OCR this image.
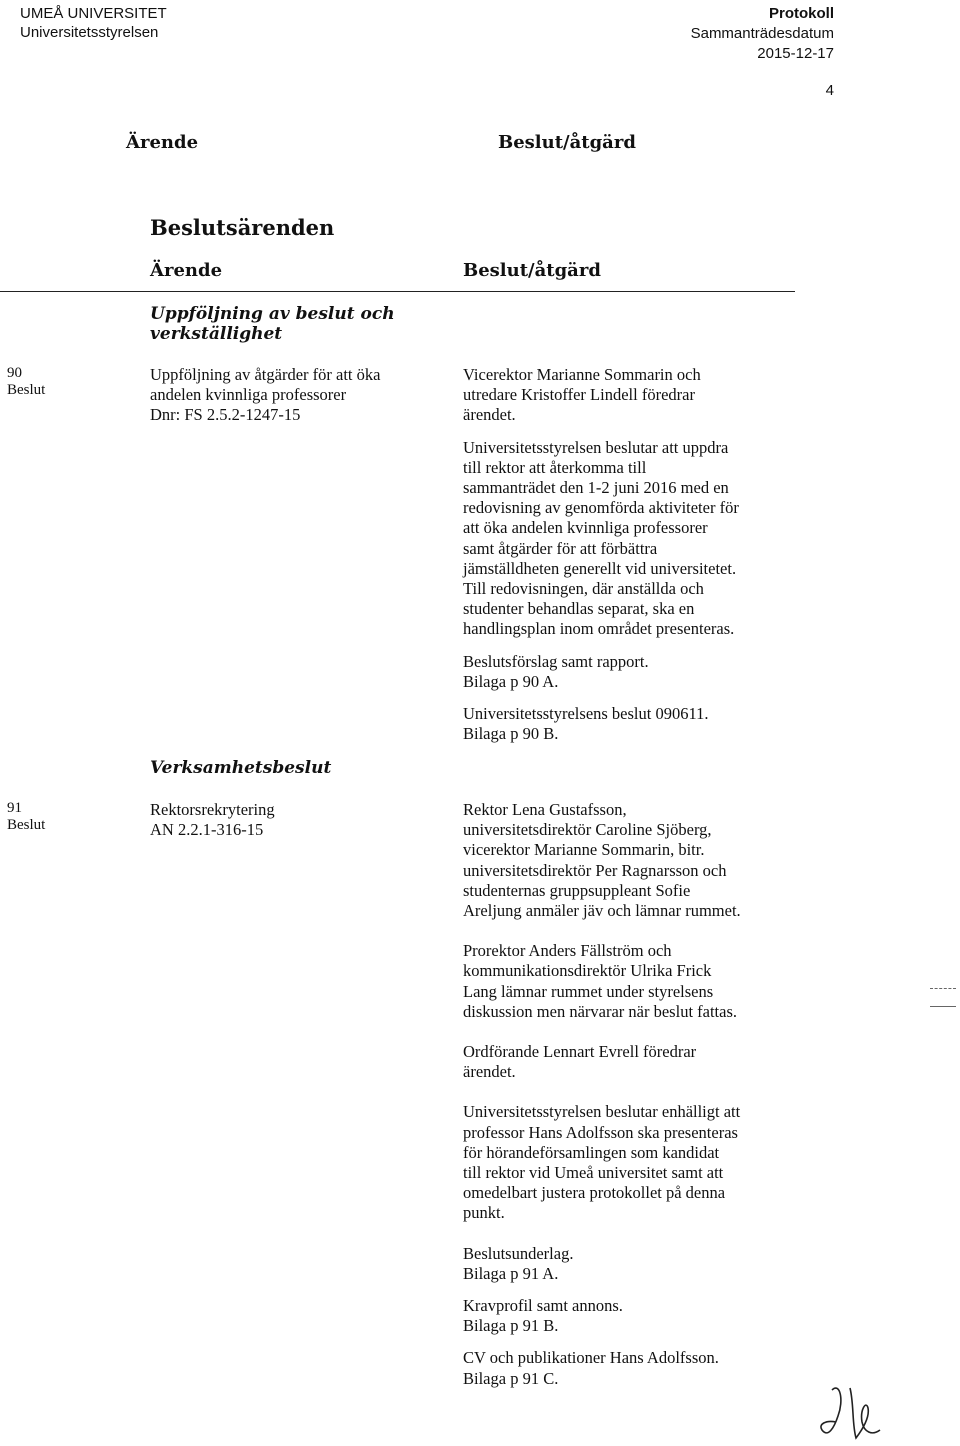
UMEÅ UNIVERSITET
Universitetsstyrelsen
Protokoll
Sammanträdesdatum
2015-12-17
4
Ärende	Beslut/åtgärd
Beslutsärenden
Ärende	Beslut/åtgärd
Uppföljning av beslut och verkställighet
90
Beslut

Uppföljning av åtgärder för att öka
andelen kvinnliga professorer
Dnr: FS 2.5.2-1247-15

Vicerektor Marianne Sommarin och
utredare Kristoffer Lindell föredrar
ärendet.

Universitetsstyrelsen beslutar att uppdra
till rektor att återkomma till
sammanträdet den 1-2 juni 2016 med en
redovisning av genomförda aktiviteter för
att öka andelen kvinnliga professorer
samt åtgärder för att förbättra
jämställdheten generellt vid universitetet.
Till redovisningen, där anställda och
studenter behandlas separat, ska en
handlingsplan inom området presenteras.

Beslutsförslag samt rapport.
Bilaga p 90 A.

Universitetsstyrelsens beslut 090611.
Bilaga p 90 B.

Verksamhetsbeslut
91
Beslut

Rektorsrekrytering
AN 2.2.1-316-15

Rektor Lena Gustafsson,
universitetsdirektör Caroline Sjöberg,
vicerektor Marianne Sommarin, bitr.
universitetsdirektör Per Ragnarsson och
studenternas gruppsuppleant Sofie
Areljung anmäler jäv och lämnar rummet.

Prorektor Anders Fällström och
kommunikationsdirektör Ulrika Frick
Lang lämnar rummet under styrelsens
diskussion men närvarar när beslut fattas.

Ordförande Lennart Evrell föredrar
ärendet.

Universitetsstyrelsen beslutar enhälligt att
professor Hans Adolfsson ska presenteras
för hörandeförsamlingen som kandidat
till rektor vid Umeå universitet samt att
omedelbart justera protokollet på denna
punkt.

Beslutsunderlag.
Bilaga p 91 A.

Kravprofil samt annons.
Bilaga p 91 B.

CV och publikationer Hans Adolfsson.
Bilaga p 91 C.
